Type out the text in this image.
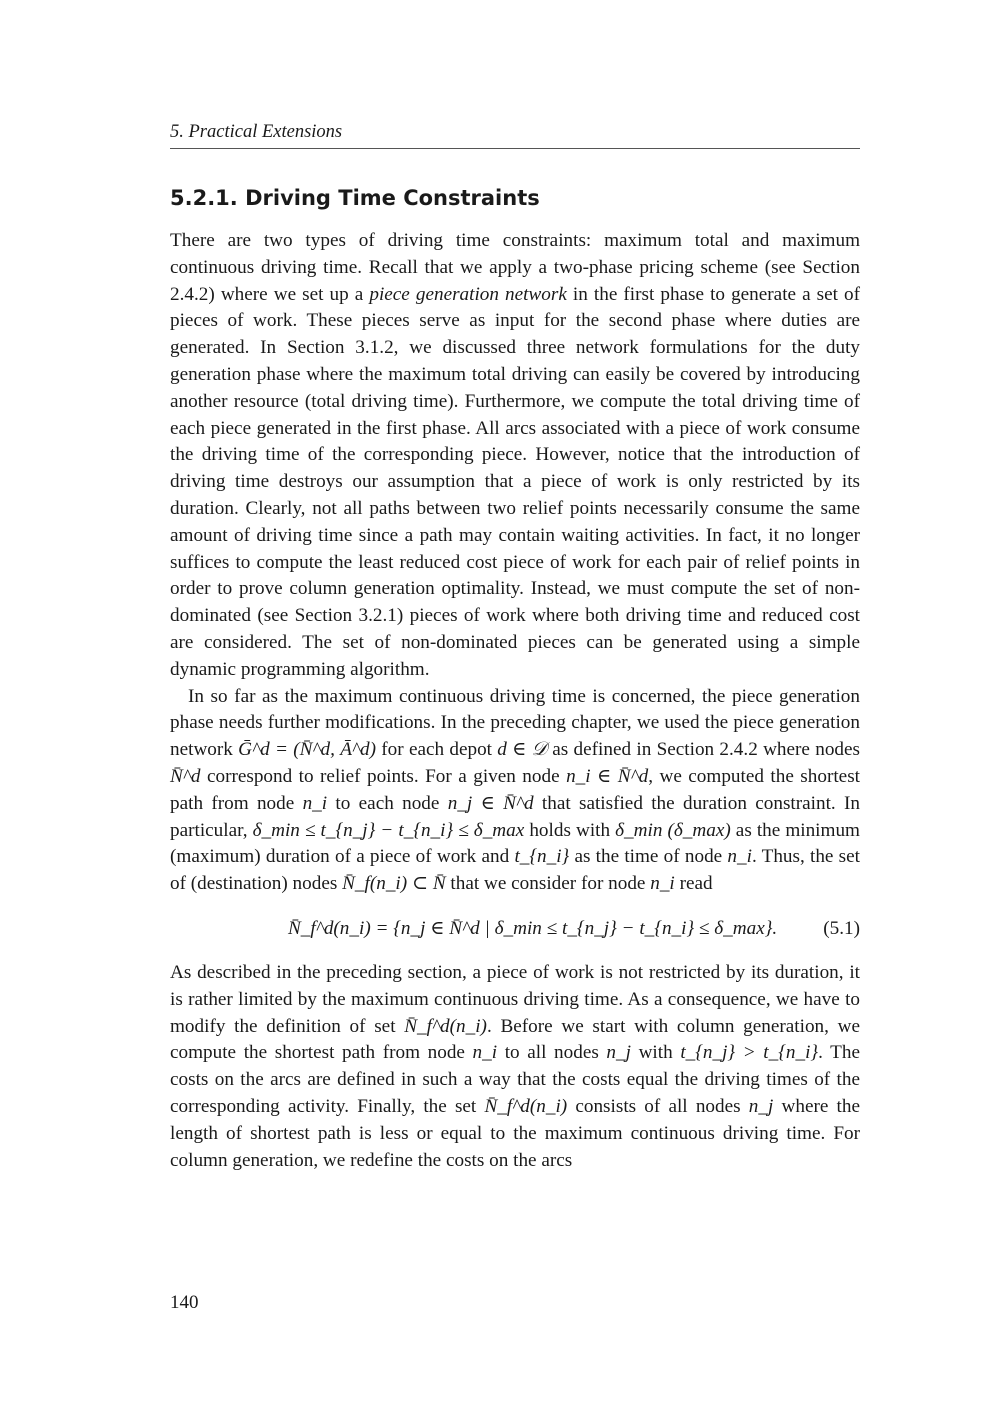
5. Practical Extensions
5.2.1. Driving Time Constraints

There are two types of driving time constraints: maximum total and maximum continuous driving time. Recall that we apply a two-phase pricing scheme (see Section 2.4.2) where we set up a piece generation network in the first phase to generate a set of pieces of work. These pieces serve as input for the second phase where duties are generated. In Section 3.1.2, we discussed three network formulations for the duty generation phase where the maximum total driving can easily be covered by introducing another resource (total driving time). Furthermore, we compute the total driving time of each piece generated in the first phase. All arcs associated with a piece of work consume the driving time of the corresponding piece. However, notice that the introduction of driving time destroys our assumption that a piece of work is only restricted by its duration. Clearly, not all paths between two relief points necessarily consume the same amount of driving time since a path may contain waiting activities. In fact, it no longer suffices to compute the least reduced cost piece of work for each pair of relief points in order to prove column generation optimality. Instead, we must compute the set of non-dominated (see Section 3.2.1) pieces of work where both driving time and reduced cost are considered. The set of non-dominated pieces can be generated using a simple dynamic programming algorithm.

In so far as the maximum continuous driving time is concerned, the piece generation phase needs further modifications. In the preceding chapter, we used the piece generation network Ḡ^d = (N̄^d, Ā^d) for each depot d ∈ 𝒟 as defined in Section 2.4.2 where nodes N̄^d correspond to relief points. For a given node n_i ∈ N̄^d, we computed the shortest path from node n_i to each node n_j ∈ N̄^d that satisfied the duration constraint. In particular, δ_min ≤ t_{n_j} − t_{n_i} ≤ δ_max holds with δ_min (δ_max) as the minimum (maximum) duration of a piece of work and t_{n_i} as the time of node n_i. Thus, the set of (destination) nodes N̄_f(n_i) ⊂ N̄ that we consider for node n_i read

N̄_f^d(n_i) = {n_j ∈ N̄^d | δ_min ≤ t_{n_j} − t_{n_i} ≤ δ_max}. (5.1)

As described in the preceding section, a piece of work is not restricted by its duration, it is rather limited by the maximum continuous driving time. As a consequence, we have to modify the definition of set N̄_f^d(n_i). Before we start with column generation, we compute the shortest path from node n_i to all nodes n_j with t_{n_j} > t_{n_i}. The costs on the arcs are defined in such a way that the costs equal the driving times of the corresponding activity. Finally, the set N̄_f^d(n_i) consists of all nodes n_j where the length of shortest path is less or equal to the maximum continuous driving time. For column generation, we redefine the costs on the arcs

140
